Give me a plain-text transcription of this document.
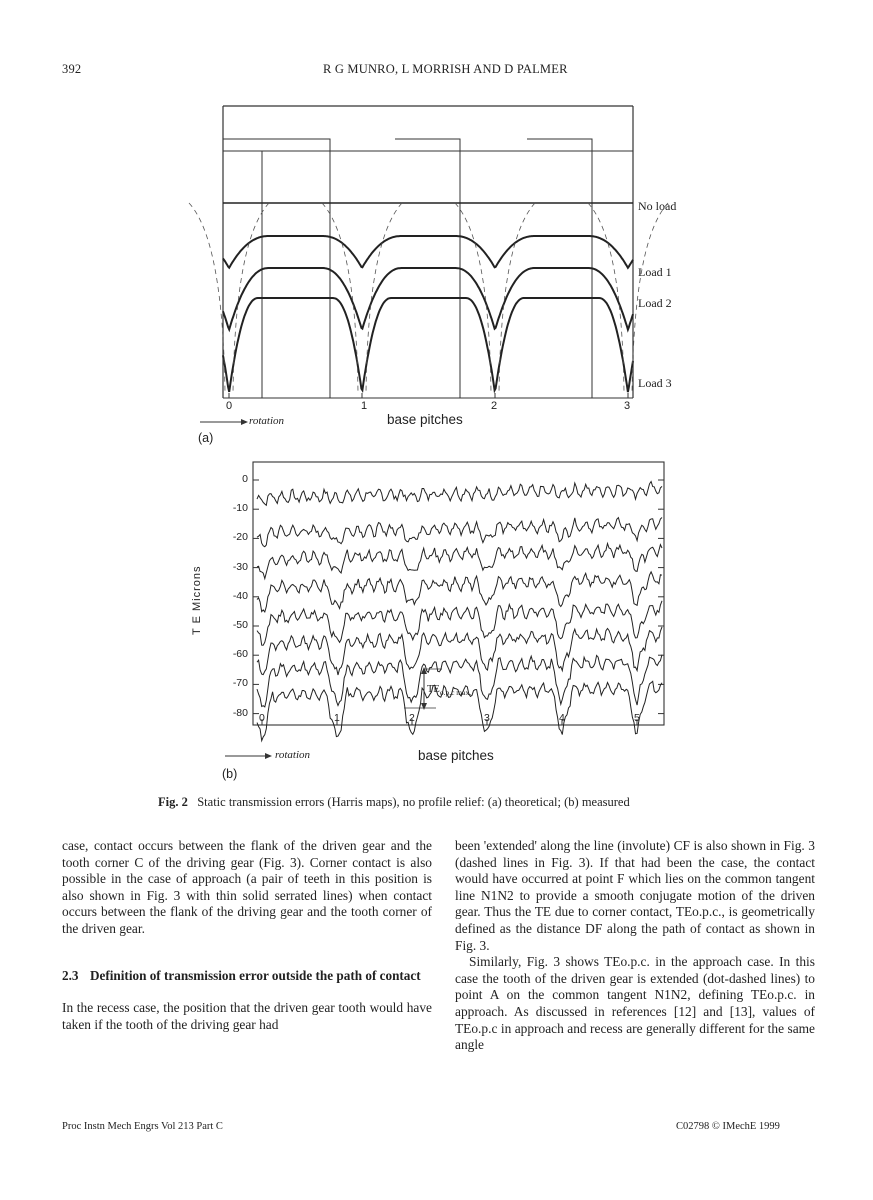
392	R G MUNRO, L MORRISH AND D PALMER
$TE_{o.p.c max.}$
No load
Load 1
Load 2
Load 3
0	1	2	3
rotation	base pitches
(a)
T E Microns
0
-10
-20
-30
-40
-50
-60
-70
-80 0	1	2	3	4	5
rotation	base pitches
(b)
Fig. 2 Static transmission errors (Harris maps), no profile relief: (a) theoretical; (b) measured

case, contact occurs between the flank of the driven gear and the tooth corner C of the driving gear (Fig. 3). Corner contact is also possible in the case of approach (a pair of teeth in this position is also shown in Fig. 3 with thin solid serrated lines) when contact occurs between the flank of the driving gear and the tooth corner of the driven gear.

2.3 Definition of transmission error outside the path of contact

In the recess case, the position that the driven gear tooth would have taken if the tooth of the driving gear had

been 'extended' along the line (involute) CF is also shown in Fig. 3 (dashed lines in Fig. 3). If that had been the case, the contact would have occurred at point F which lies on the common tangent line N1N2 to provide a smooth conjugate motion of the driven gear. Thus the TE due to corner contact, TEo.p.c., is geometrically defined as the distance DF along the path of contact as shown in Fig. 3.

Similarly, Fig. 3 shows TEo.p.c. in the approach case. In this case the tooth of the driven gear is extended (dot-dashed lines) to point A on the common tangent N1N2, defining TEo.p.c. in approach. As discussed in references [12] and [13], values of TEo.p.c in approach and recess are generally different for the same angle

Proc Instn Mech Engrs Vol 213 Part C	C02798 © IMechE 1999
